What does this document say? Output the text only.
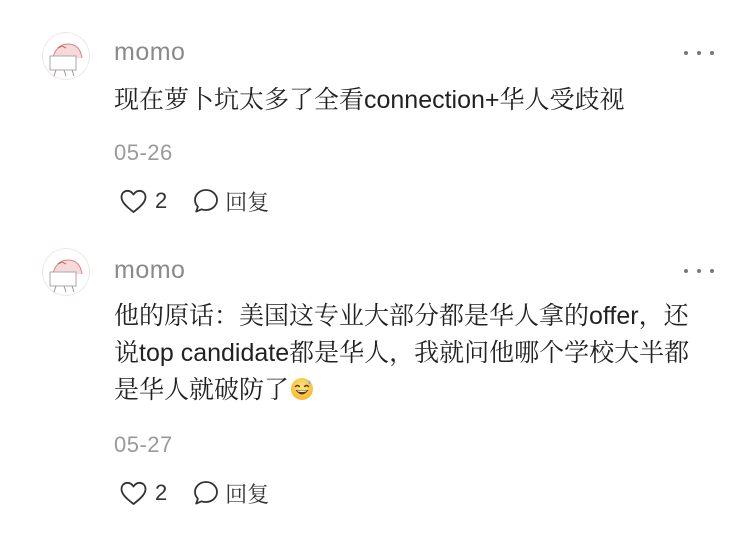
momo

现在萝卜坑太多了全看connection+华人受歧视

05-26
2	回复
momo

他的原话：美国这专业大部分都是华人拿的offer，还说top candidate都是华人，我就问他哪个学校大半都是华人就破防了

05-27
2	回复
